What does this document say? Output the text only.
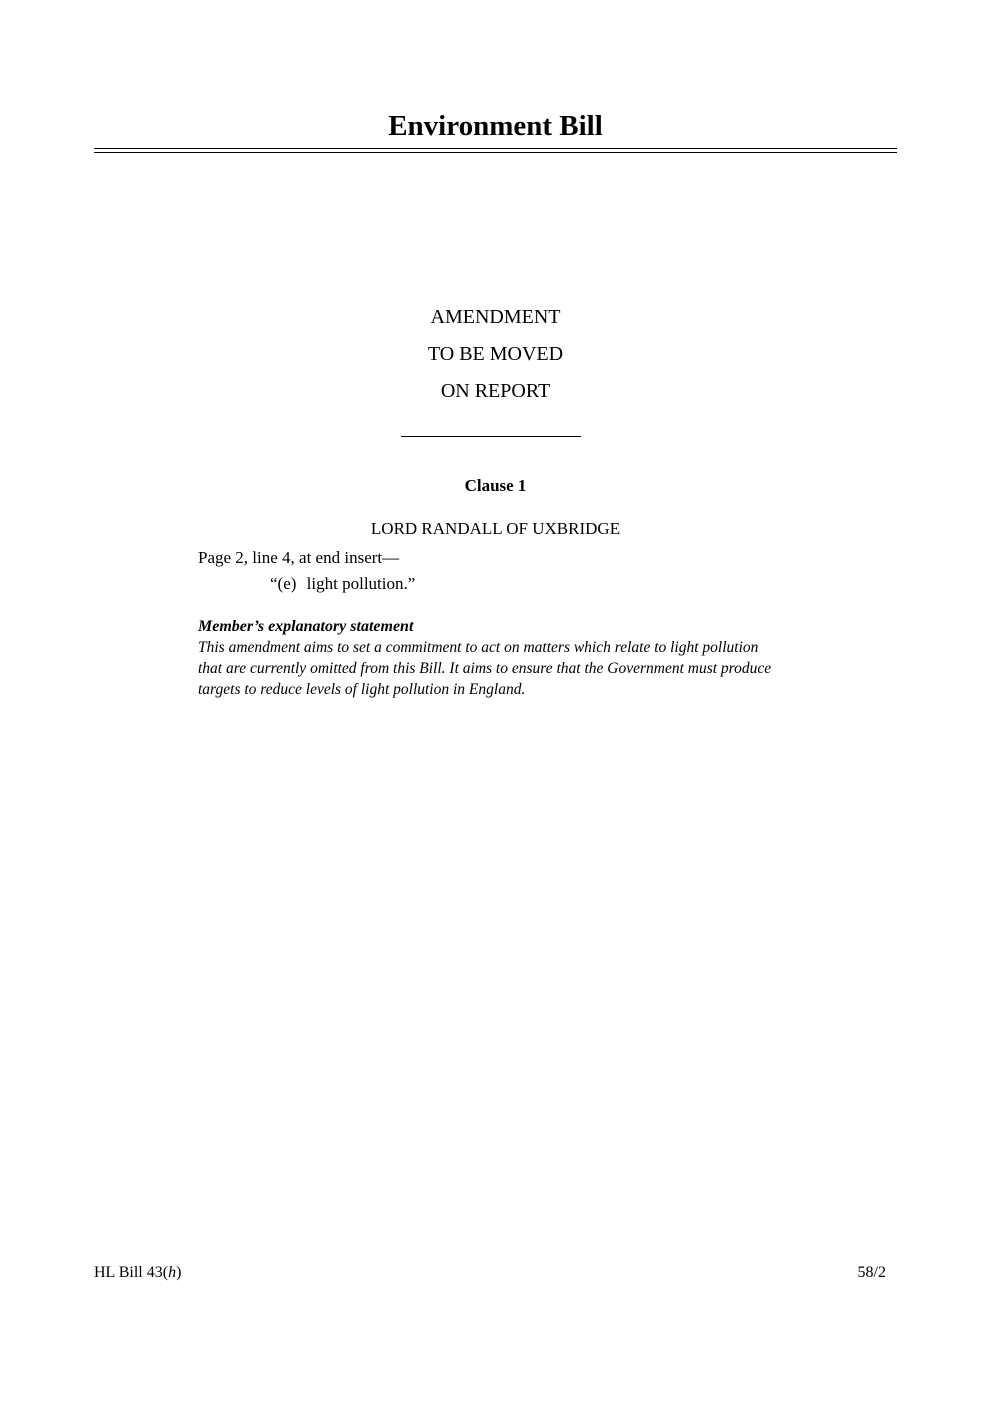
Environment Bill
AMENDMENT
TO BE MOVED
ON REPORT
Clause 1
LORD RANDALL OF UXBRIDGE
Page 2, line 4, at end insert—
“(e) light pollution.”
Member’s explanatory statement
This amendment aims to set a commitment to act on matters which relate to light pollution
that are currently omitted from this Bill. It aims to ensure that the Government must produce
targets to reduce levels of light pollution in England.
HL Bill 43(h)	58/2
